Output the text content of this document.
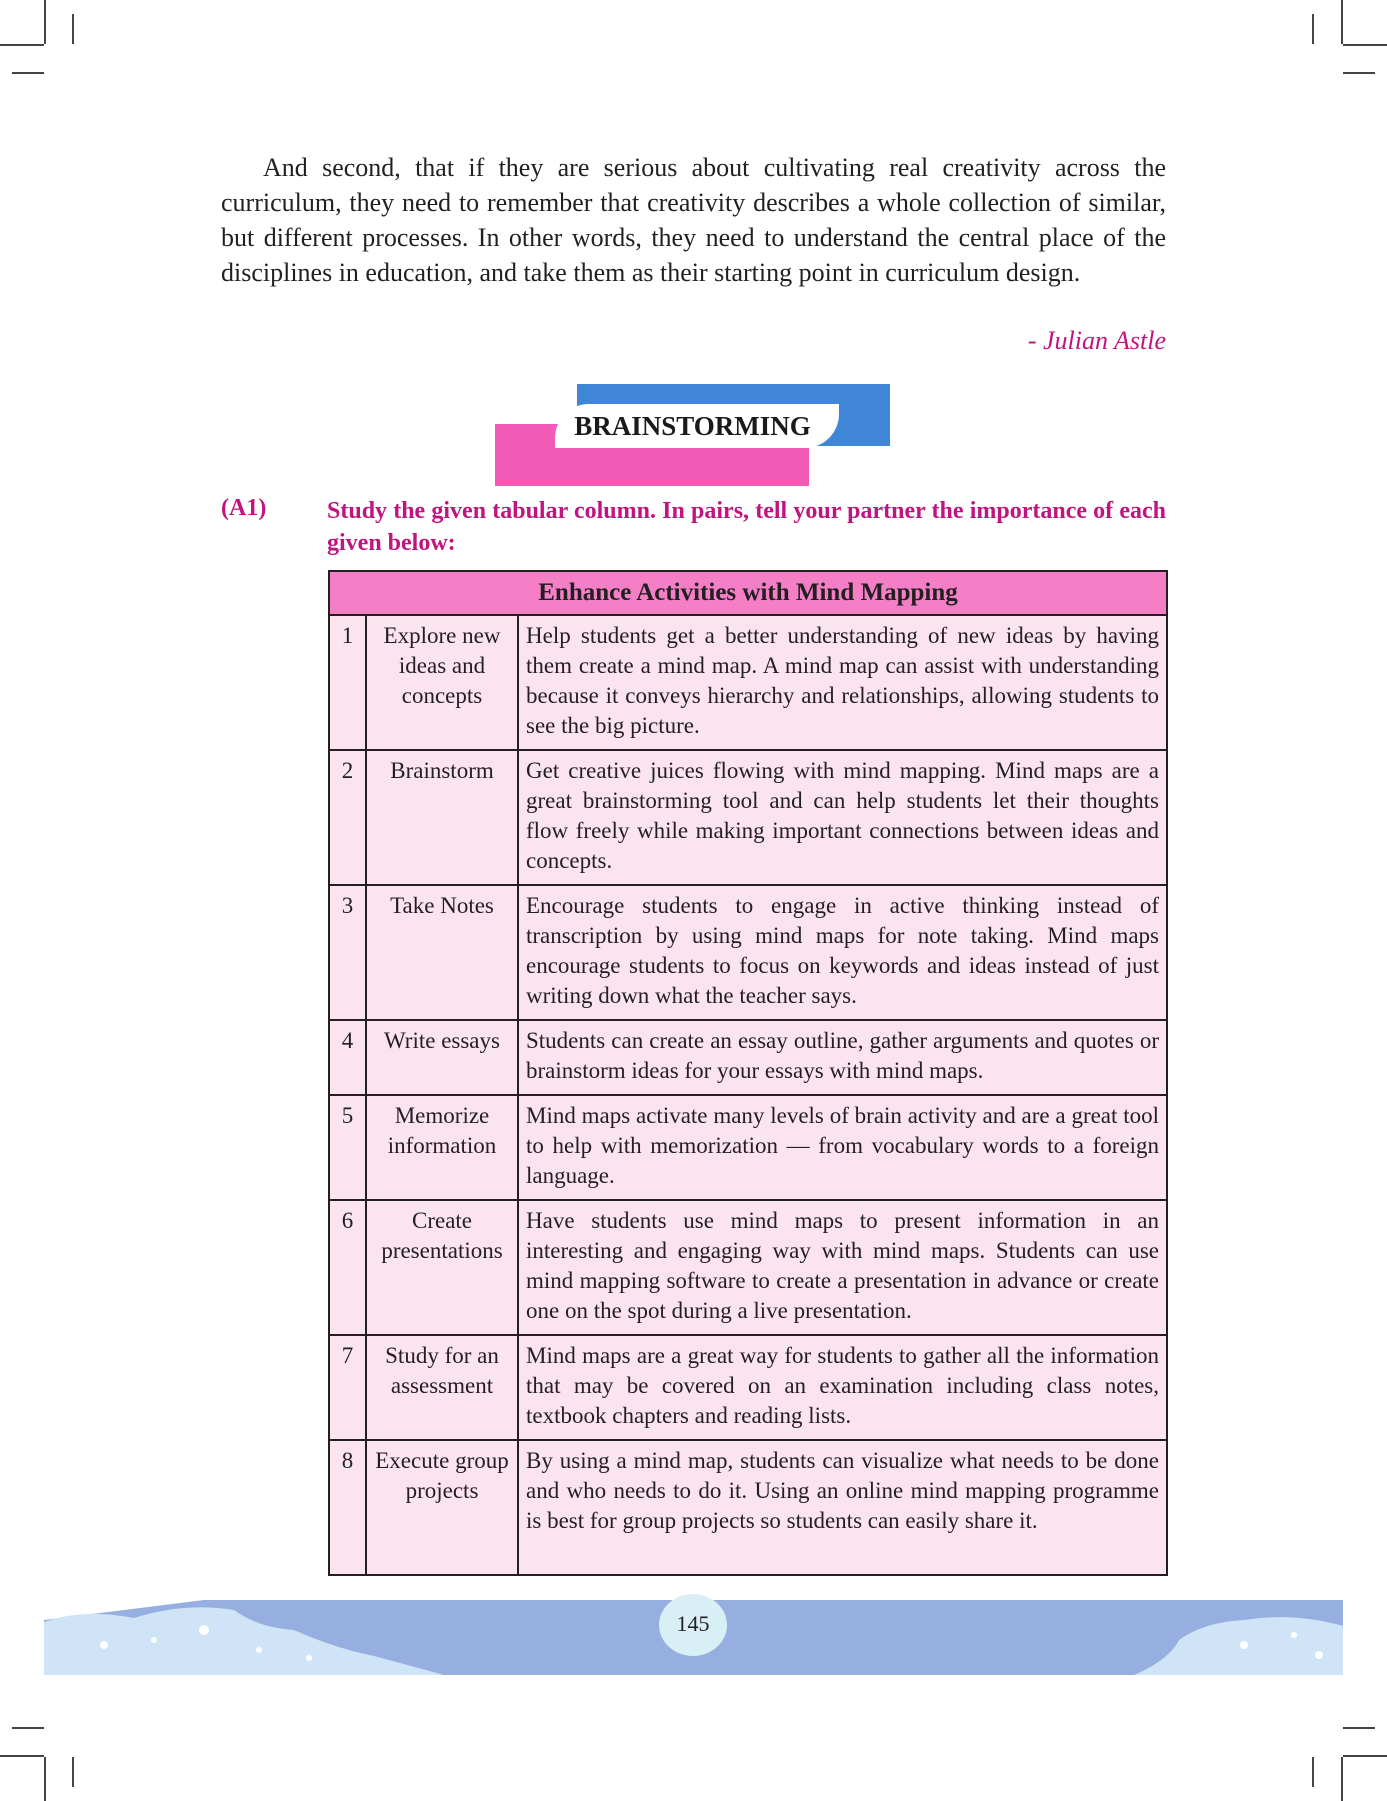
And second, that if they are serious about cultivating real creativity across the curriculum, they need to remember that creativity describes a whole collection of similar, but different processes. In other words, they need to understand the central place of the disciplines in education, and take them as their starting point in curriculum design.

- Julian Astle
BRAINSTORMING
(A1)	Study the given tabular column. In pairs, tell your partner the importance of each given below:

Enhance Activities with Mind Mapping		
1	Explore new ideas and concepts	Help students get a better understanding of new ideas by having them create a mind map. A mind map can assist with understanding because it conveys hierarchy and relationships, allowing students to see the big picture.
2	Brainstorm	Get creative juices flowing with mind mapping. Mind maps are a great brainstorming tool and can help students let their thoughts flow freely while making important connections between ideas and concepts.
3	Take Notes	Encourage students to engage in active thinking instead of transcription by using mind maps for note taking. Mind maps encourage students to focus on keywords and ideas instead of just writing down what the teacher says.
4	Write essays	Students can create an essay outline, gather arguments and quotes or brainstorm ideas for your essays with mind maps.
5	Memorize information	Mind maps activate many levels of brain activity and are a great tool to help with memorization — from vocabulary words to a foreign language.
6	Create presentations	Have students use mind maps to present information in an interesting and engaging way with mind maps. Students can use mind mapping software to create a presentation in advance or create one on the spot during a live presentation.
7	Study for an assessment	Mind maps are a great way for students to gather all the information that may be covered on an examination including class notes, textbook chapters and reading lists.
8	Execute group projects	By using a mind map, students can visualize what needs to be done and who needs to do it. Using an online mind mapping programme is best for group projects so students can easily share it.
145
